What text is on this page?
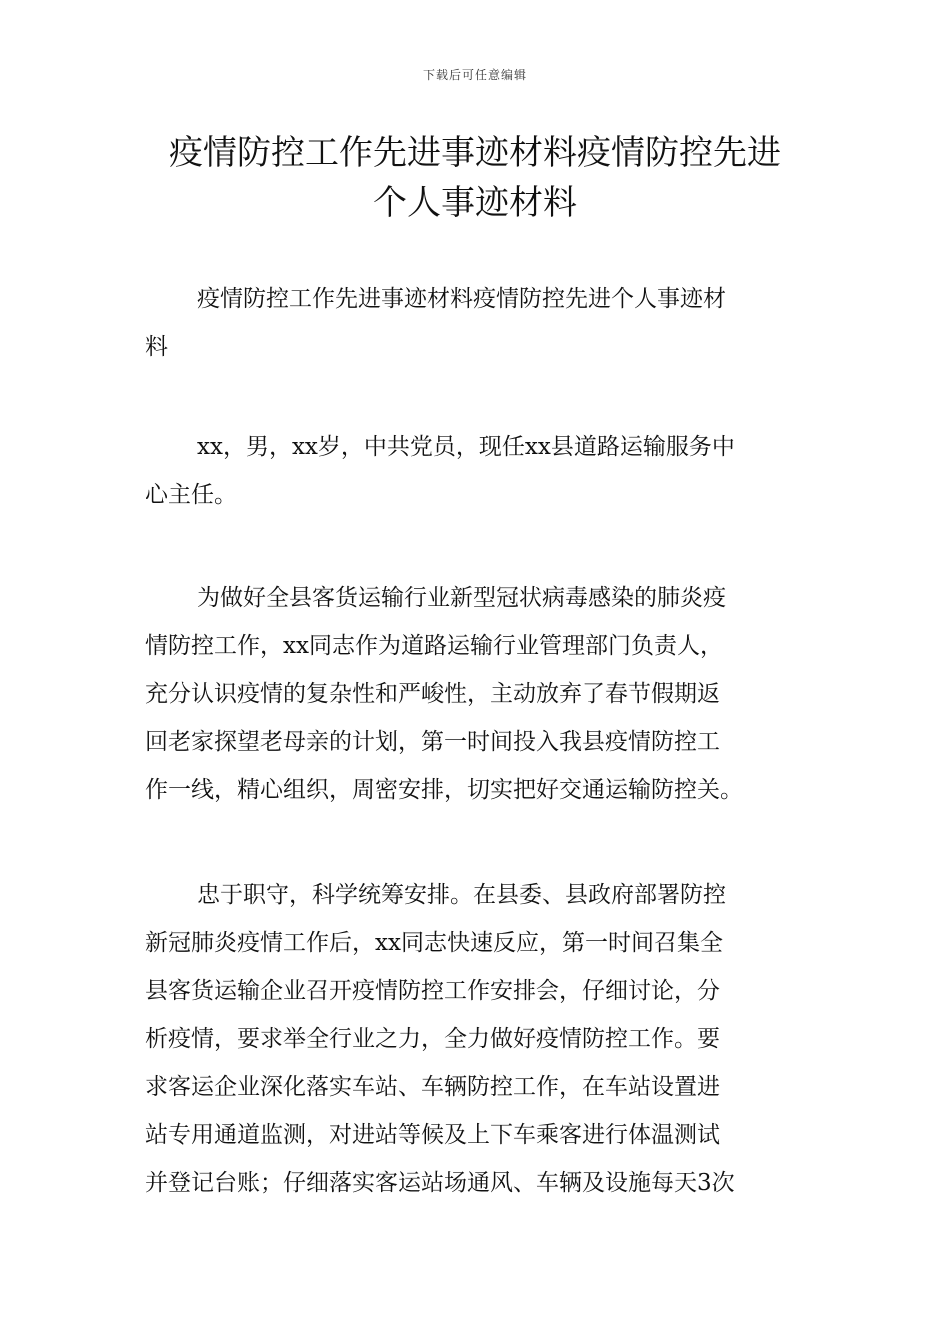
下载后可任意编辑
疫情防控工作先进事迹材料疫情防控先进
个人事迹材料
疫情防控工作先进事迹材料疫情防控先进个人事迹材
料
xx，男，xx岁，中共党员，现任xx县道路运输服务中
心主任。
为做好全县客货运输行业新型冠状病毒感染的肺炎疫
情防控工作，xx同志作为道路运输行业管理部门负责人，
充分认识疫情的复杂性和严峻性，主动放弃了春节假期返
回老家探望老母亲的计划，第一时间投入我县疫情防控工
作一线，精心组织，周密安排，切实把好交通运输防控关。
忠于职守，科学统筹安排。在县委、县政府部署防控
新冠肺炎疫情工作后，xx同志快速反应，第一时间召集全
县客货运输企业召开疫情防控工作安排会，仔细讨论，分
析疫情，要求举全行业之力，全力做好疫情防控工作。要
求客运企业深化落实车站、车辆防控工作，在车站设置进
站专用通道监测，对进站等候及上下车乘客进行体温测试
并登记台账；仔细落实客运站场通风、车辆及设施每天3次
